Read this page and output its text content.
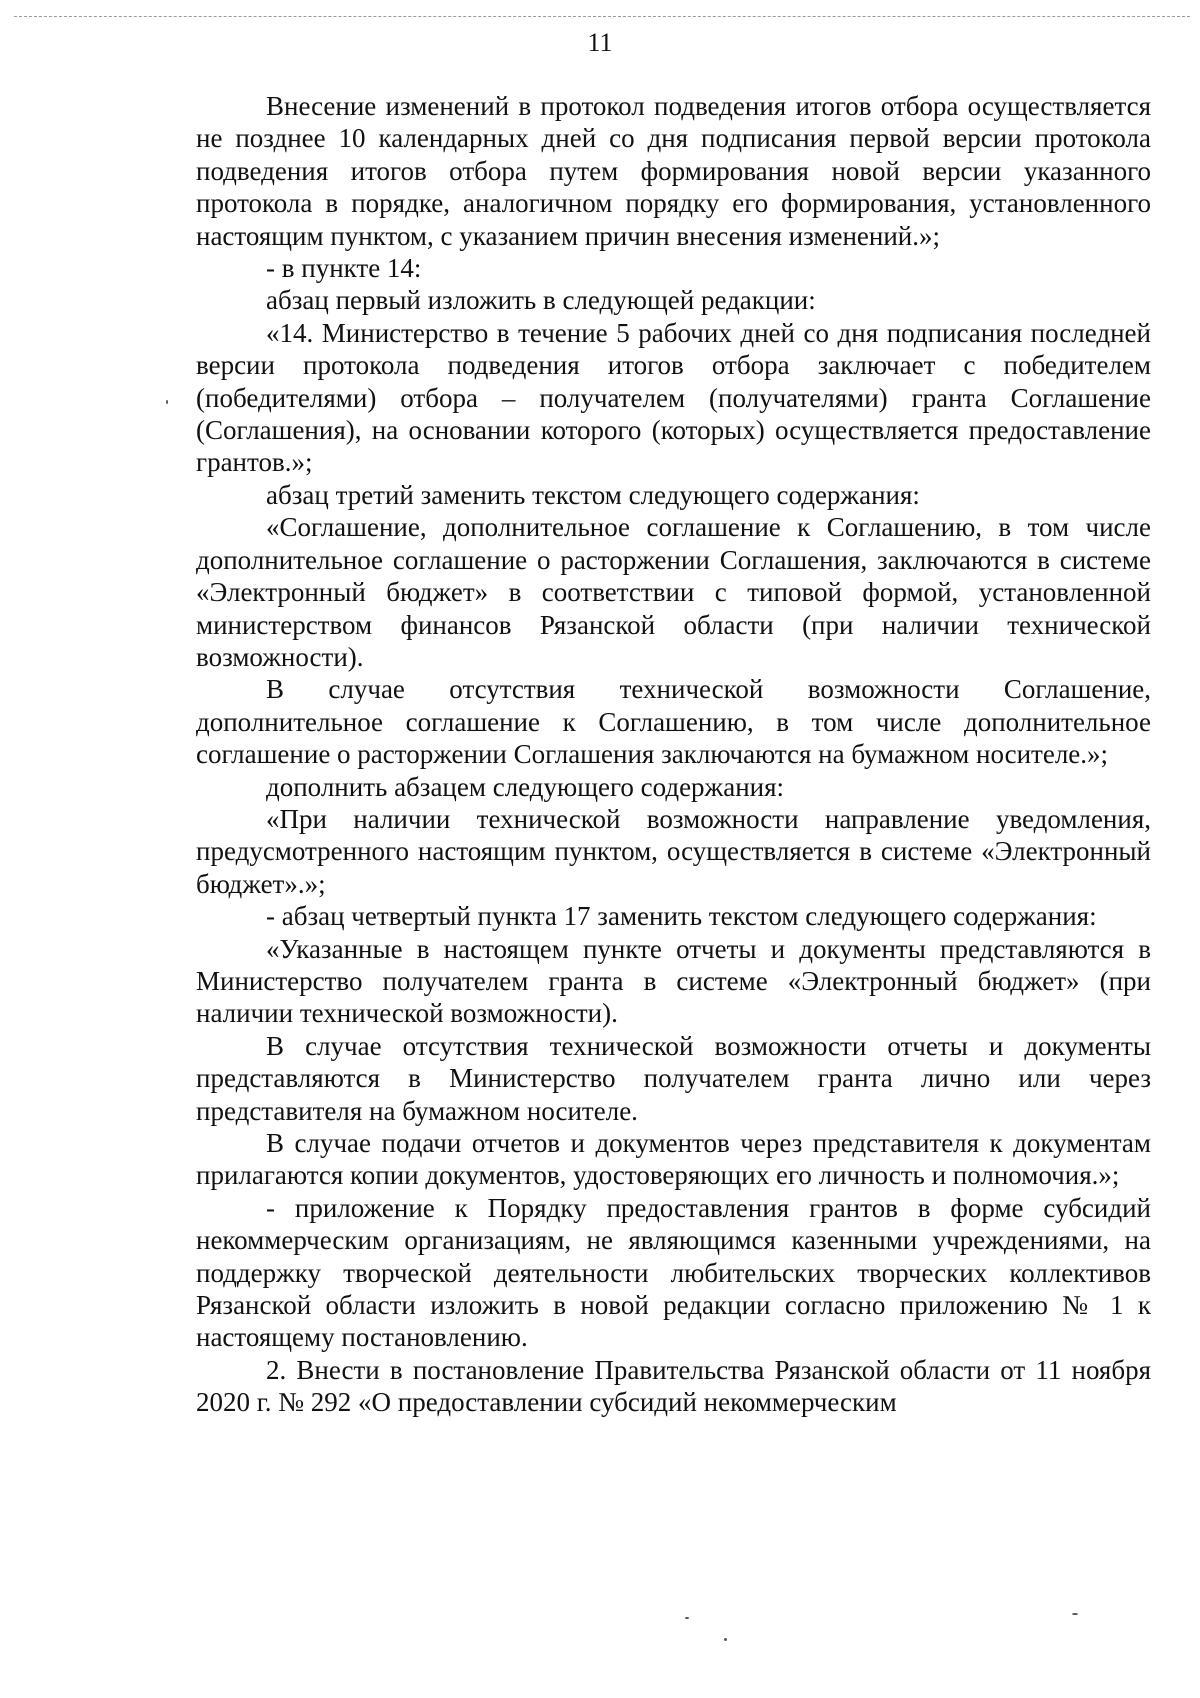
11

Внесение изменений в протокол подведения итогов отбора осуществляется не позднее 10 календарных дней со дня подписания первой версии протокола подведения итогов отбора путем формирования новой версии указанного протокола в порядке, аналогичном порядку его формирования, установленного настоящим пунктом, с указанием причин внесения изменений.»;

- в пункте 14:

абзац первый изложить в следующей редакции:

«14. Министерство в течение 5 рабочих дней со дня подписания последней версии протокола подведения итогов отбора заключает с победителем (победителями) отбора – получателем (получателями) гранта Соглашение (Соглашения), на основании которого (которых) осуществляется предоставление грантов.»;

абзац третий заменить текстом следующего содержания:

«Соглашение, дополнительное соглашение к Соглашению, в том числе дополнительное соглашение о расторжении Соглашения, заключаются в системе «Электронный бюджет» в соответствии с типовой формой, установленной министерством финансов Рязанской области (при наличии технической возможности).

В случае отсутствия технической возможности Соглашение, дополнительное соглашение к Соглашению, в том числе дополнительное соглашение о расторжении Соглашения заключаются на бумажном носителе.»;

дополнить абзацем следующего содержания:

«При наличии технической возможности направление уведомления, предусмотренного настоящим пунктом, осуществляется в системе «Электронный бюджет».»;

- абзац четвертый пункта 17 заменить текстом следующего содержания:

«Указанные в настоящем пункте отчеты и документы представляются в Министерство получателем гранта в системе «Электронный бюджет» (при наличии технической возможности).

В случае отсутствия технической возможности отчеты и документы представляются в Министерство получателем гранта лично или через представителя на бумажном носителе.

В случае подачи отчетов и документов через представителя к документам прилагаются копии документов, удостоверяющих его личность и полномочия.»;

- приложение к Порядку предоставления грантов в форме субсидий некоммерческим организациям, не являющимся казенными учреждениями, на поддержку творческой деятельности любительских творческих коллективов Рязанской области изложить в новой редакции согласно приложению № 1 к настоящему постановлению.

2. Внести в постановление Правительства Рязанской области от 11 ноября 2020 г. № 292 «О предоставлении субсидий некоммерческим
